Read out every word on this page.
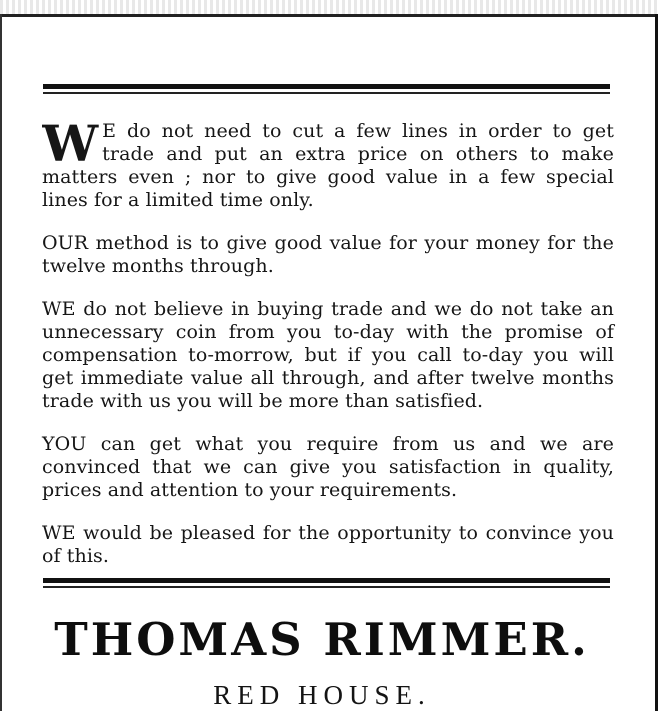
W E do not need to cut a few lines in order to get trade and put an extra price on others to make matters even ; nor to give good value in a few special lines for a limited time only.

OUR method is to give good value for your money for the twelve months through.

WE do not believe in buying trade and we do not take an unnecessary coin from you to-day with the promise of compensation to-morrow, but if you call to-day you will get immediate value all through, and after twelve months trade with us you will be more than satisfied.

YOU can get what you require from us and we are convinced that we can give you satisfaction in quality, prices and attention to your requirements.

WE would be pleased for the opportunity to convince you of this.

THOMAS RIMMER.
RED HOUSE.
